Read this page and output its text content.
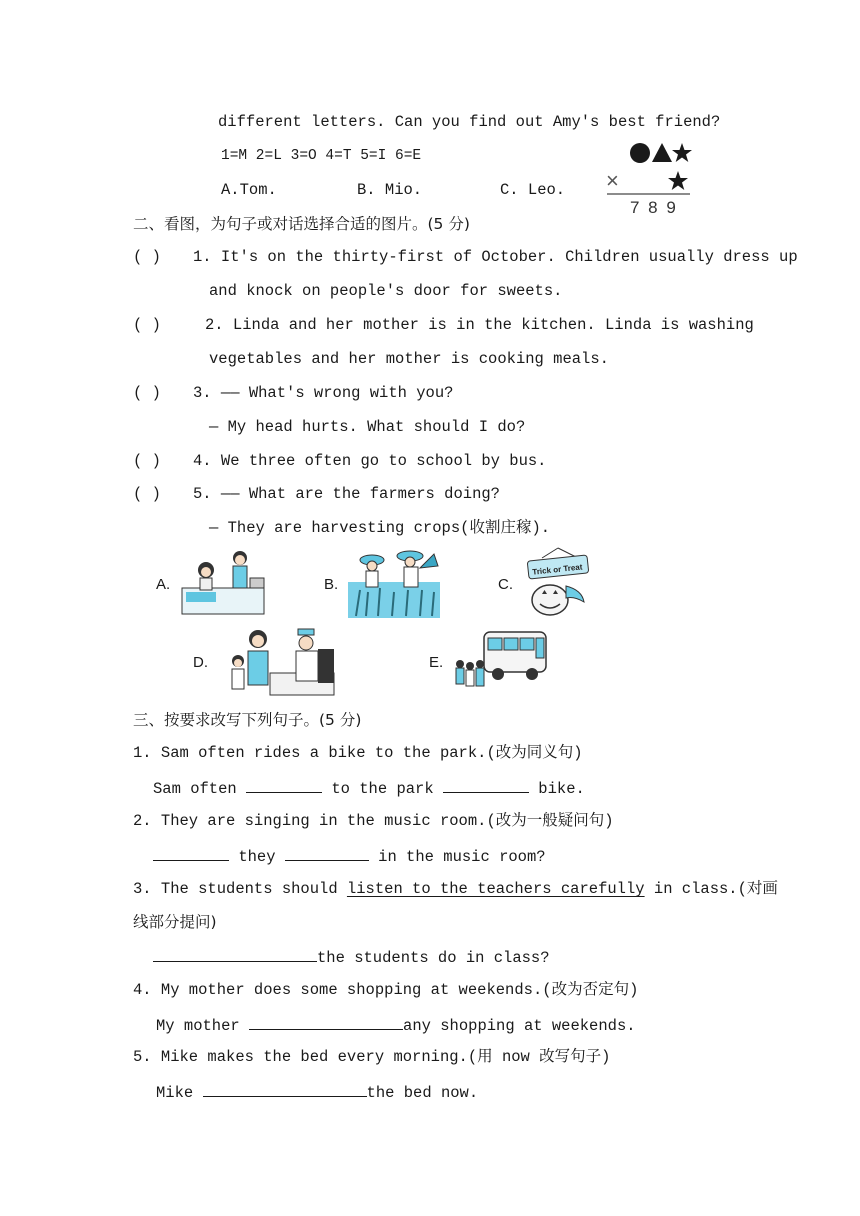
different letters. Can you find out Amy's best friend?
1=M 2=L 3=O 4=T 5=I 6=E
A.Tom.	B. Mio.	C. Leo. ×
7 8 9
二、看图，为句子或对话选择合适的图片。(5 分)
( ) 1. It's on the thirty-first of October. Children usually dress up
and knock on people's door for sweets.
( )	2. Linda and her mother is in the kitchen. Linda is washing
vegetables and her mother is cooking meals.
( ) 3. —— What's wrong with you?
— My head hurts. What should I do?
( ) 4. We three often go to school by bus.
( ) 5. —— What are the farmers doing?
— They are harvesting crops(收割庄稼).
A.	B.	C.
Trick or Treat
D.	E.
三、按要求改写下列句子。(5 分)
1. Sam often rides a bike to the park.(改为同义句)
Sam often	to the park	bike.
2. They are singing in the music room.(改为一般疑问句)
they	in the music room?
3. The students should listen to the teachers carefully in class.(对画
线部分提问)
the students do in class?
4. My mother does some shopping at weekends.(改为否定句)
My mother	any shopping at weekends.
5. Mike makes the bed every morning.(用 now 改写句子)
Mike	the bed now.
